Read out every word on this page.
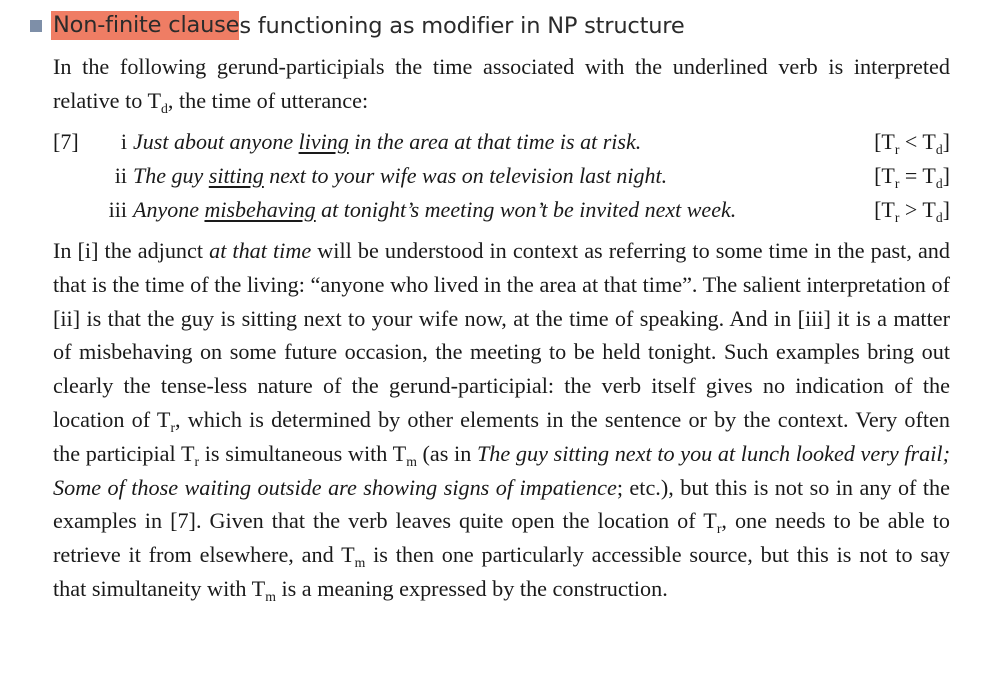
Non-finite clause s functioning as modifier in NP structure
In the following gerund-participials the time associated with the underlined verb is interpreted relative to $T_d$, the time of utterance:
[7]	i Just about anyone living in the area at that time is at risk.	$[T_r < T_d]$
ii The guy sitting next to your wife was on television last night.	$[T_r = T_d]$
iii Anyone misbehaving at tonight’s meeting won’t be invited next week.	$[T_r > T_d]$
In [i] the adjunct at that time will be understood in context as referring to some time in the past, and that is the time of the living: “anyone who lived in the area at that time”. The salient interpretation of [ii] is that the guy is sitting next to your wife now, at the time of speaking. And in [iii] it is a matter of misbehaving on some future occasion, the meeting to be held tonight. Such examples bring out clearly the tense-less nature of the gerund-participial: the verb itself gives no indication of the location of $T_r$, which is determined by other elements in the sentence or by the context. Very often the participial $T_r$ is simultaneous with $T_m$ (as in The guy sitting next to you at lunch looked very frail; Some of those waiting outside are showing signs of impatience; etc.), but this is not so in any of the examples in [7]. Given that the verb leaves quite open the location of $T_r$, one needs to be able to retrieve it from elsewhere, and $T_m$ is then one particularly accessible source, but this is not to say that simultaneity with $T_m$ is a meaning expressed by the construction.
